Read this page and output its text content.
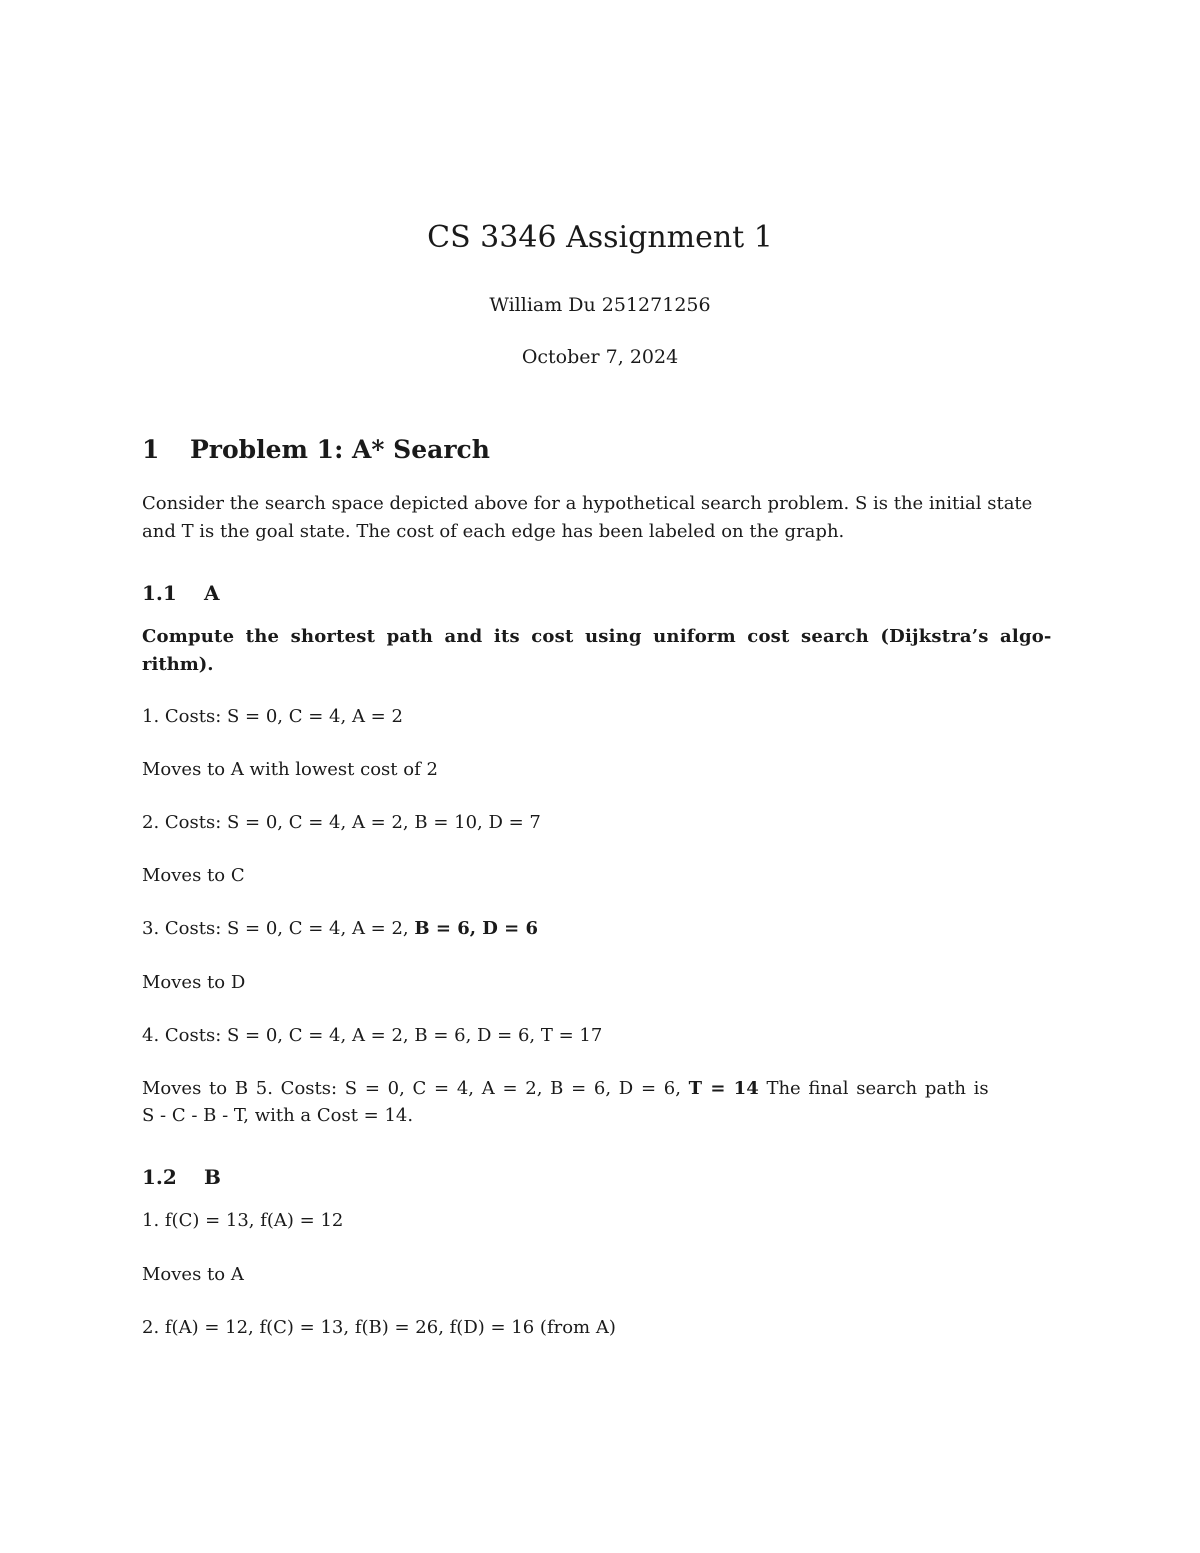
CS 3346 Assignment 1

William Du 251271256

October 7, 2024

1 Problem 1: A* Search

Consider the search space depicted above for a hypothetical search problem. S is the initial state

and T is the goal state. The cost of each edge has been labeled on the graph.

1.1 A

Compute the shortest path and its cost using uniform cost search (Dijkstra’s algo-

rithm).

1. Costs: S = 0, C = 4, A = 2

Moves to A with lowest cost of 2

2. Costs: S = 0, C = 4, A = 2, B = 10, D = 7

Moves to C

3. Costs: S = 0, C = 4, A = 2, B = 6, D = 6

Moves to D

4. Costs: S = 0, C = 4, A = 2, B = 6, D = 6, T = 17

Moves to B 5. Costs: S = 0, C = 4, A = 2, B = 6, D = 6, T = 14 The final search path is

S - C - B - T, with a Cost = 14.

1.2 B

1. f(C) = 13, f(A) = 12

Moves to A

2. f(A) = 12, f(C) = 13, f(B) = 26, f(D) = 16 (from A)
